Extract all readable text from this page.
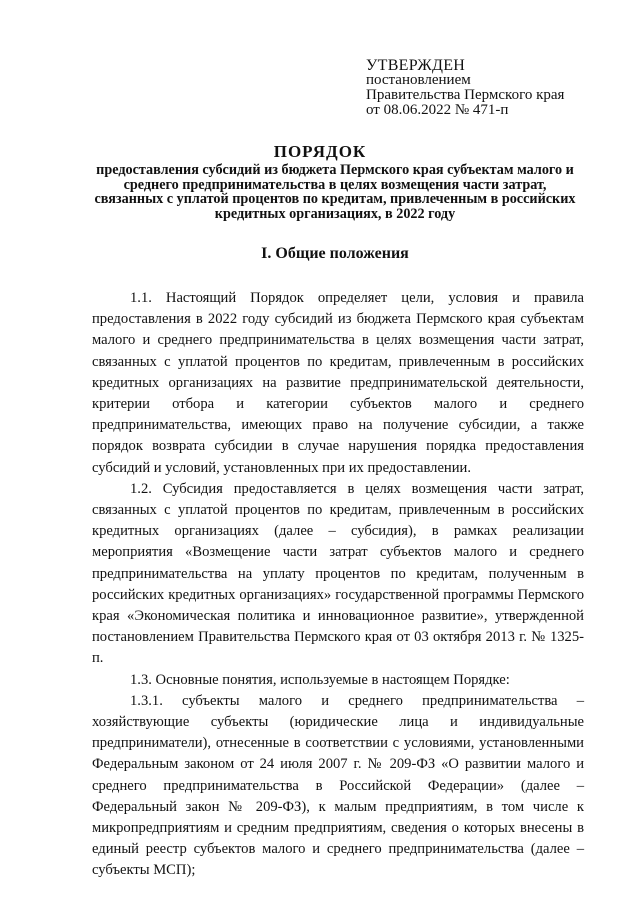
УТВЕРЖДЕН
постановлением
Правительства Пермского края
от 08.06.2022 № 471-п
ПОРЯДОК
предоставления субсидий из бюджета Пермского края субъектам малого и среднего предпринимательства в целях возмещения части затрат, связанных с уплатой процентов по кредитам, привлеченным в российских кредитных организациях, в 2022 году
I. Общие положения

1.1. Настоящий Порядок определяет цели, условия и правила предоставления в 2022 году субсидий из бюджета Пермского края субъектам малого и среднего предпринимательства в целях возмещения части затрат, связанных с уплатой процентов по кредитам, привлеченным в российских кредитных организациях на развитие предпринимательской деятельности, критерии отбора и категории субъектов малого и среднего предпринимательства, имеющих право на получение субсидии, а также порядок возврата субсидии в случае нарушения порядка предоставления субсидий и условий, установленных при их предоставлении.

1.2. Субсидия предоставляется в целях возмещения части затрат, связанных с уплатой процентов по кредитам, привлеченным в российских кредитных организациях (далее – субсидия), в рамках реализации мероприятия «Возмещение части затрат субъектов малого и среднего предпринимательства на уплату процентов по кредитам, полученным в российских кредитных организациях» государственной программы Пермского края «Экономическая политика и инновационное развитие», утвержденной постановлением Правительства Пермского края от 03 октября 2013 г. № 1325-п.

1.3. Основные понятия, используемые в настоящем Порядке:

1.3.1. субъекты малого и среднего предпринимательства – хозяйствующие субъекты (юридические лица и индивидуальные предприниматели), отнесенные в соответствии с условиями, установленными Федеральным законом от 24 июля 2007 г. № 209-ФЗ «О развитии малого и среднего предпринимательства в Российской Федерации» (далее – Федеральный закон № 209-ФЗ), к малым предприятиям, в том числе к микропредприятиям и средним предприятиям, сведения о которых внесены в единый реестр субъектов малого и среднего предпринимательства (далее – субъекты МСП);
